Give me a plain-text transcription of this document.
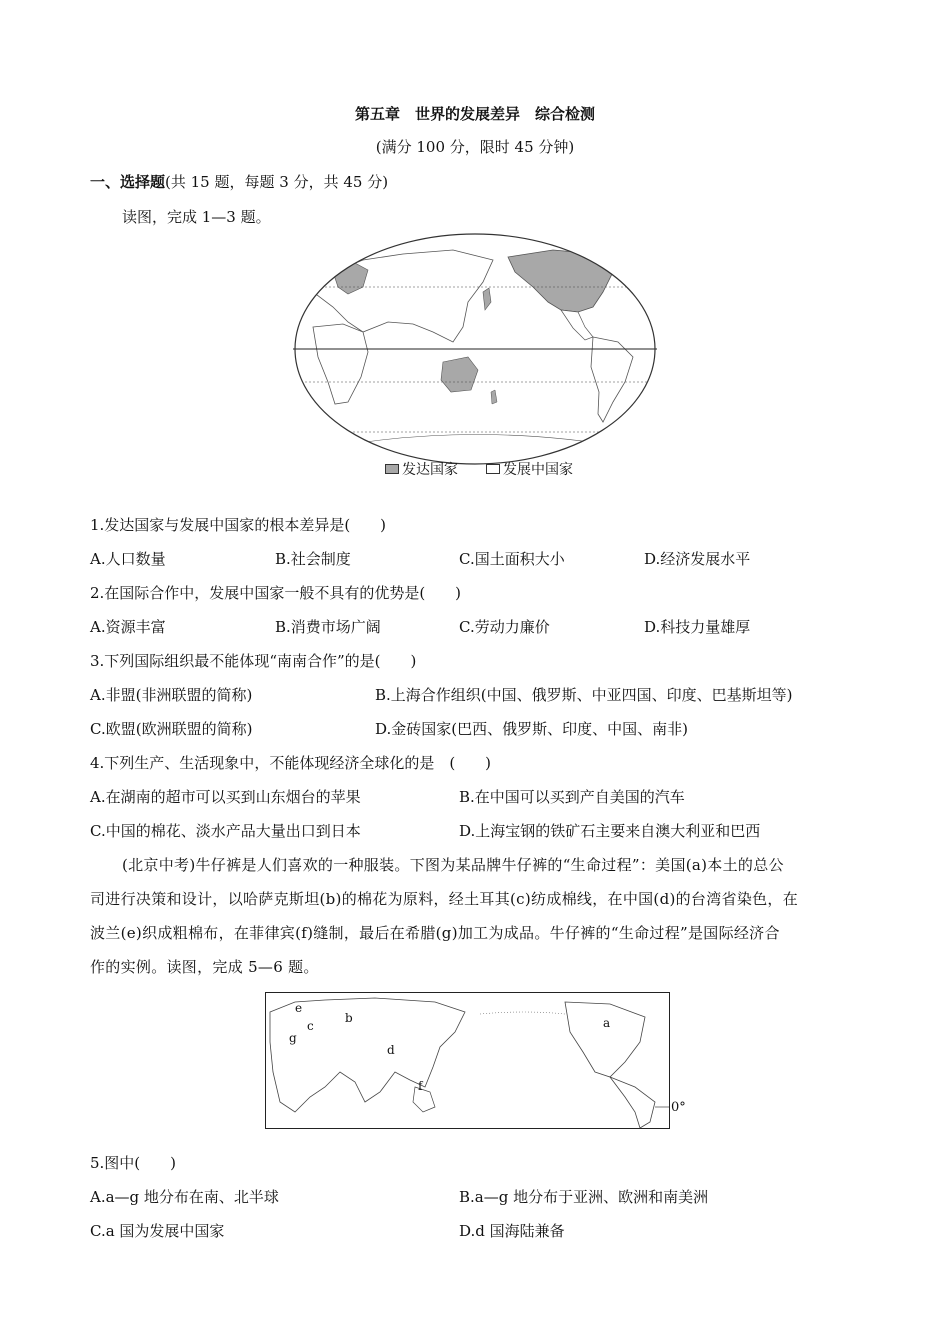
第五章　世界的发展差异　综合检测
(满分 100 分，限时 45 分钟)
一、选择题(共 15 题，每题 3 分，共 45 分)
读图，完成 1—3 题。
发达国家	发展中国家
1.发达国家与发展中国家的根本差异是(　　)
A.人口数量	B.社会制度	C.国土面积大小	D.经济发展水平
2.在国际合作中，发展中国家一般不具有的优势是(　　)
A.资源丰富	B.消费市场广阔	C.劳动力廉价	D.科技力量雄厚
3.下列国际组织最不能体现“南南合作”的是(　　)
A.非盟(非洲联盟的简称)	B.上海合作组织(中国、俄罗斯、中亚四国、印度、巴基斯坦等)
C.欧盟(欧洲联盟的简称)	D.金砖国家(巴西、俄罗斯、印度、中国、南非)
4.下列生产、生活现象中，不能体现经济全球化的是　(　　)
A.在湖南的超市可以买到山东烟台的苹果	B.在中国可以买到产自美国的汽车
C.中国的棉花、淡水产品大量出口到日本	D.上海宝钢的铁矿石主要来自澳大利亚和巴西
(北京中考)牛仔裤是人们喜欢的一种服装。下图为某品牌牛仔裤的“生命过程”：美国(a)本土的总公
司进行决策和设计，以哈萨克斯坦(b)的棉花为原料，经土耳其(c)纺成棉线，在中国(d)的台湾省染色，在
波兰(e)织成粗棉布，在菲律宾(f)缝制，最后在希腊(g)加工为成品。牛仔裤的“生命过程”是国际经济合
作的实例。读图，完成 5—6 题。
a
b
c
d
e
f
g
0°
5.图中(　　)
A.a—g 地分布在南、北半球	B.a—g 地分布于亚洲、欧洲和南美洲
C.a 国为发展中国家	D.d 国海陆兼备
